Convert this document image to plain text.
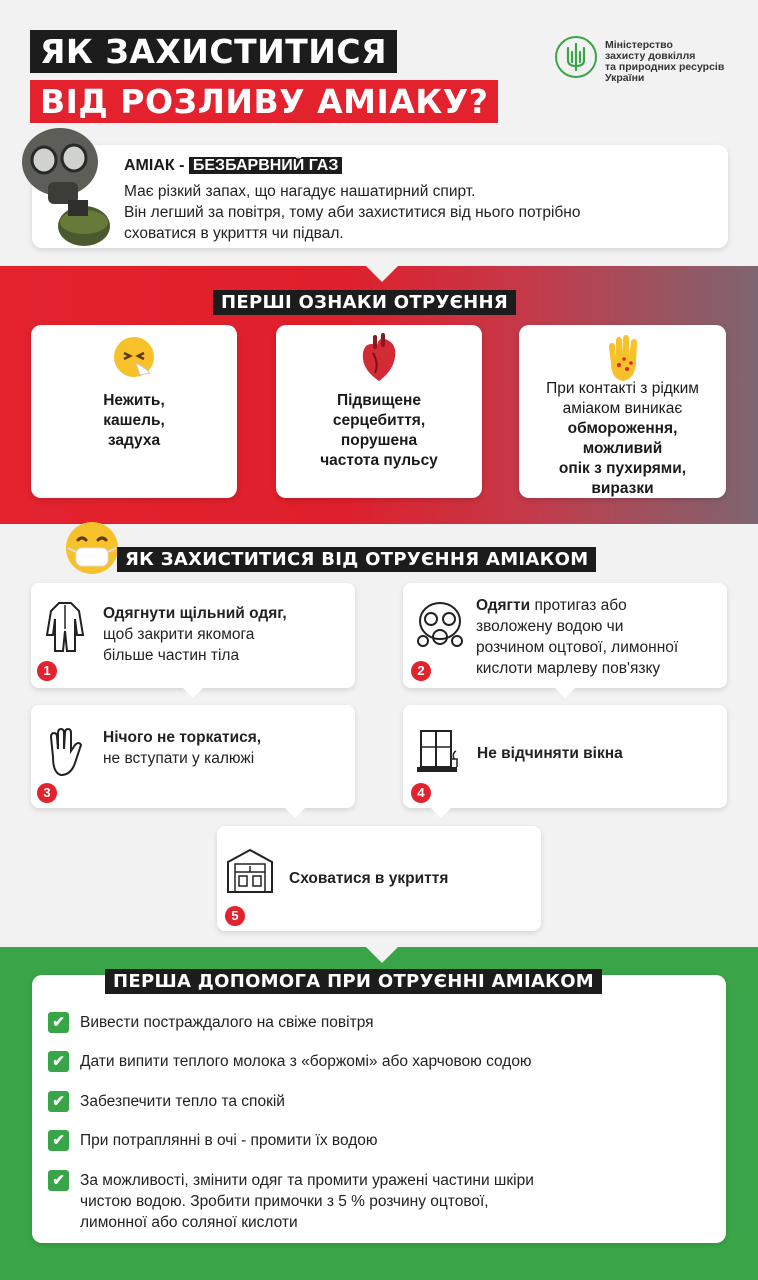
ЯК ЗАХИСТИТИСЯ
ВІД РОЗЛИВУ АМІАКУ?
Міністерство
захисту довкілля
та природних ресурсів
України
АМІАК - БЕЗБАРВНИЙ ГАЗ
Має різкий запах, що нагадує нашатирний спирт.
Він легший за повітря, тому аби захиститися від нього потрібно
сховатися в укриття чи підвал.
ПЕРШІ ОЗНАКИ ОТРУЄННЯ
Нежить,
кашель,
задуха
Підвищене
серцебиття,
порушена
частота пульсу
При контакті з рідким
аміаком виникає
обмороження,
можливий
опік з пухирями,
виразки
ЯК ЗАХИСТИТИСЯ ВІД ОТРУЄННЯ АМІАКОМ
Одягнути щільний одяг,
щоб закрити якомога
більше частин тіла
1
Одягти протигаз або
зволожену водою чи
розчином оцтової, лимонної
кислоти марлеву пов'язку
2
Нічого не торкатися,
не вступати у калюжі
3
Не відчиняти вікна
4
Сховатися в укриття
5
ПЕРША ДОПОМОГА ПРИ ОТРУЄННІ АМІАКОМ
✔ Вивести постраждалого на свіже повітря
✔ Дати випити теплого молока з «боржомі» або харчовою содою
✔ Забезпечити тепло та спокій
✔ При потраплянні в очі - промити їх водою
✔ За можливості, змінити одяг та промити уражені частини шкіри
чистою водою. Зробити примочки з 5 % розчину оцтової,
лимонної або соляної кислоти
